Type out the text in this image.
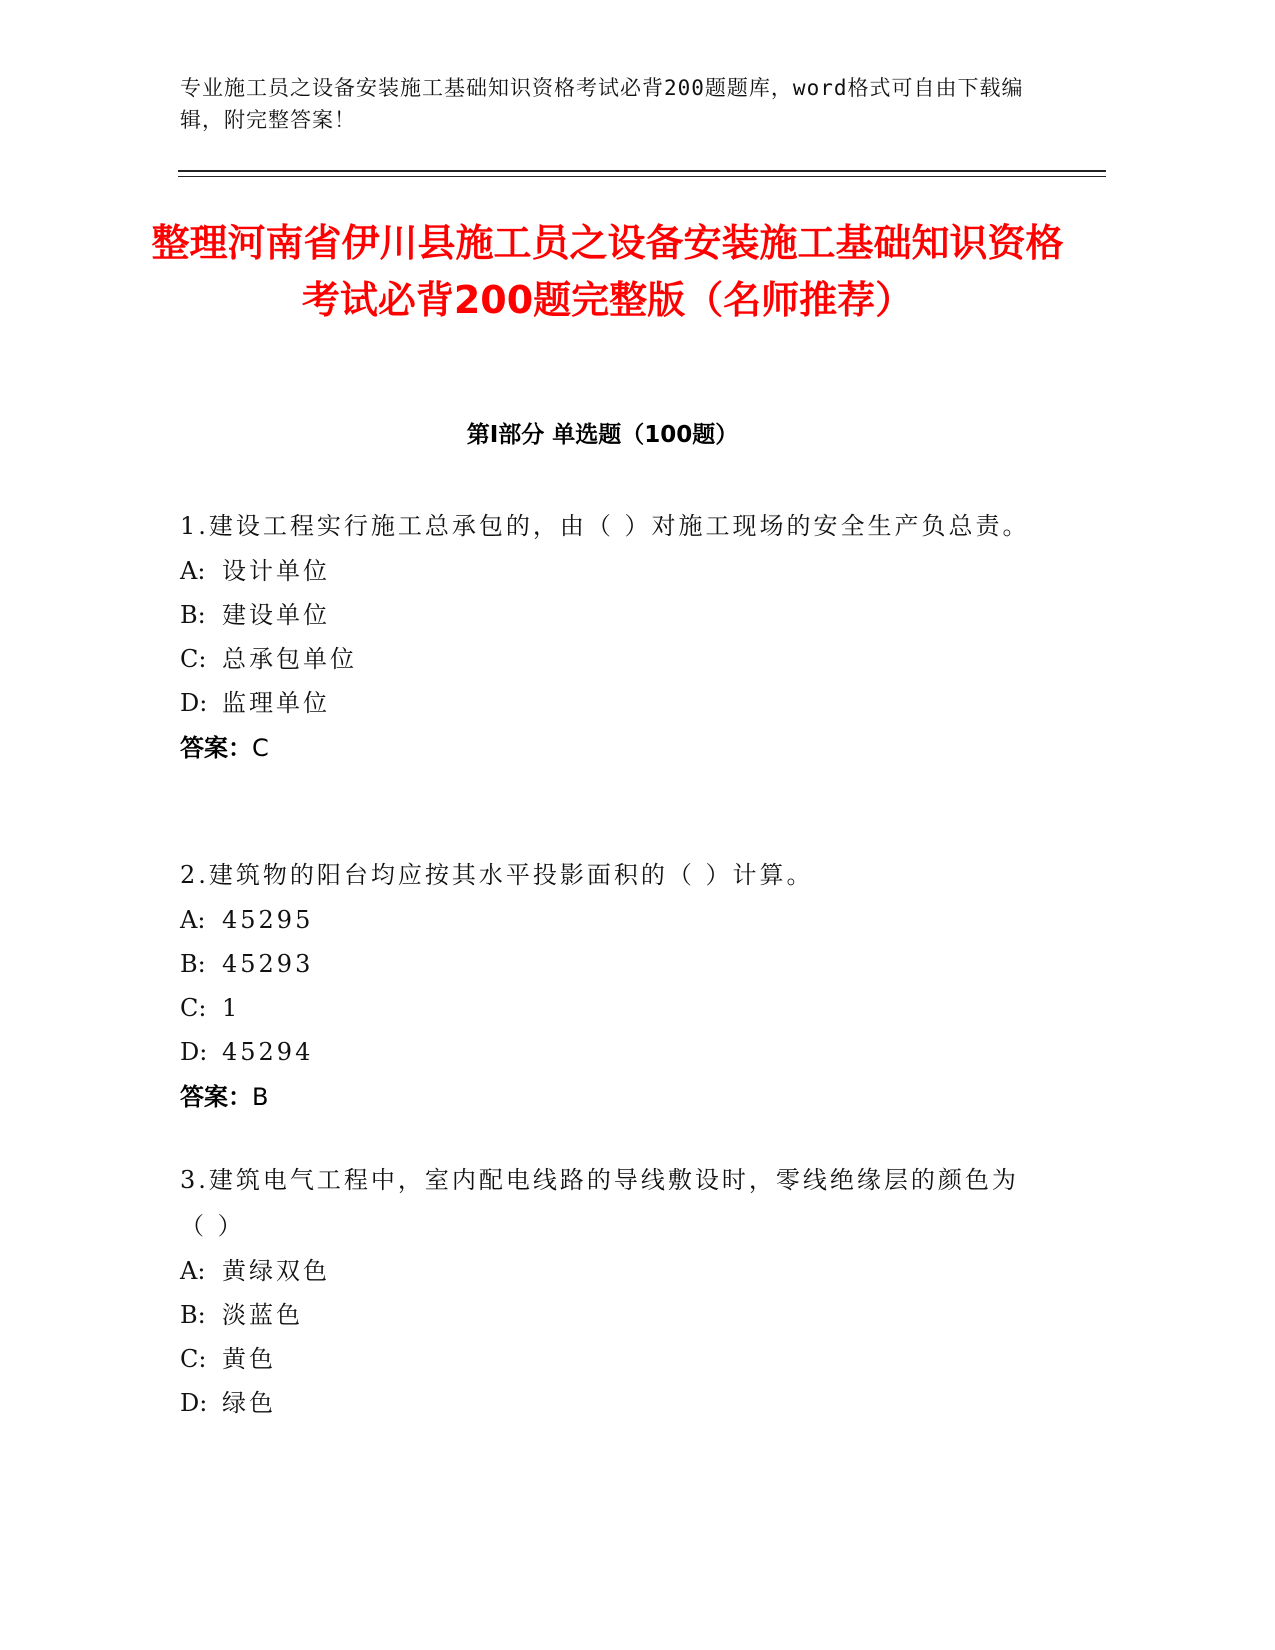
专业施工员之设备安装施工基础知识资格考试必背200题题库，word格式可自由下载编辑，附完整答案！

整理河南省伊川县施工员之设备安装施工基础知识资格考试必背200题完整版（名师推荐）
第I部分 单选题（100题）

1.建设工程实行施工总承包的，由（ ）对施工现场的安全生产负总责。

A: 设计单位

B: 建设单位

C: 总承包单位

D: 监理单位

答案：C

2.建筑物的阳台均应按其水平投影面积的（ ）计算。

A: 45295

B: 45293

C: 1

D: 45294

答案：B

3.建筑电气工程中，室内配电线路的导线敷设时，零线绝缘层的颜色为（ ）

A: 黄绿双色

B: 淡蓝色

C: 黄色

D: 绿色
